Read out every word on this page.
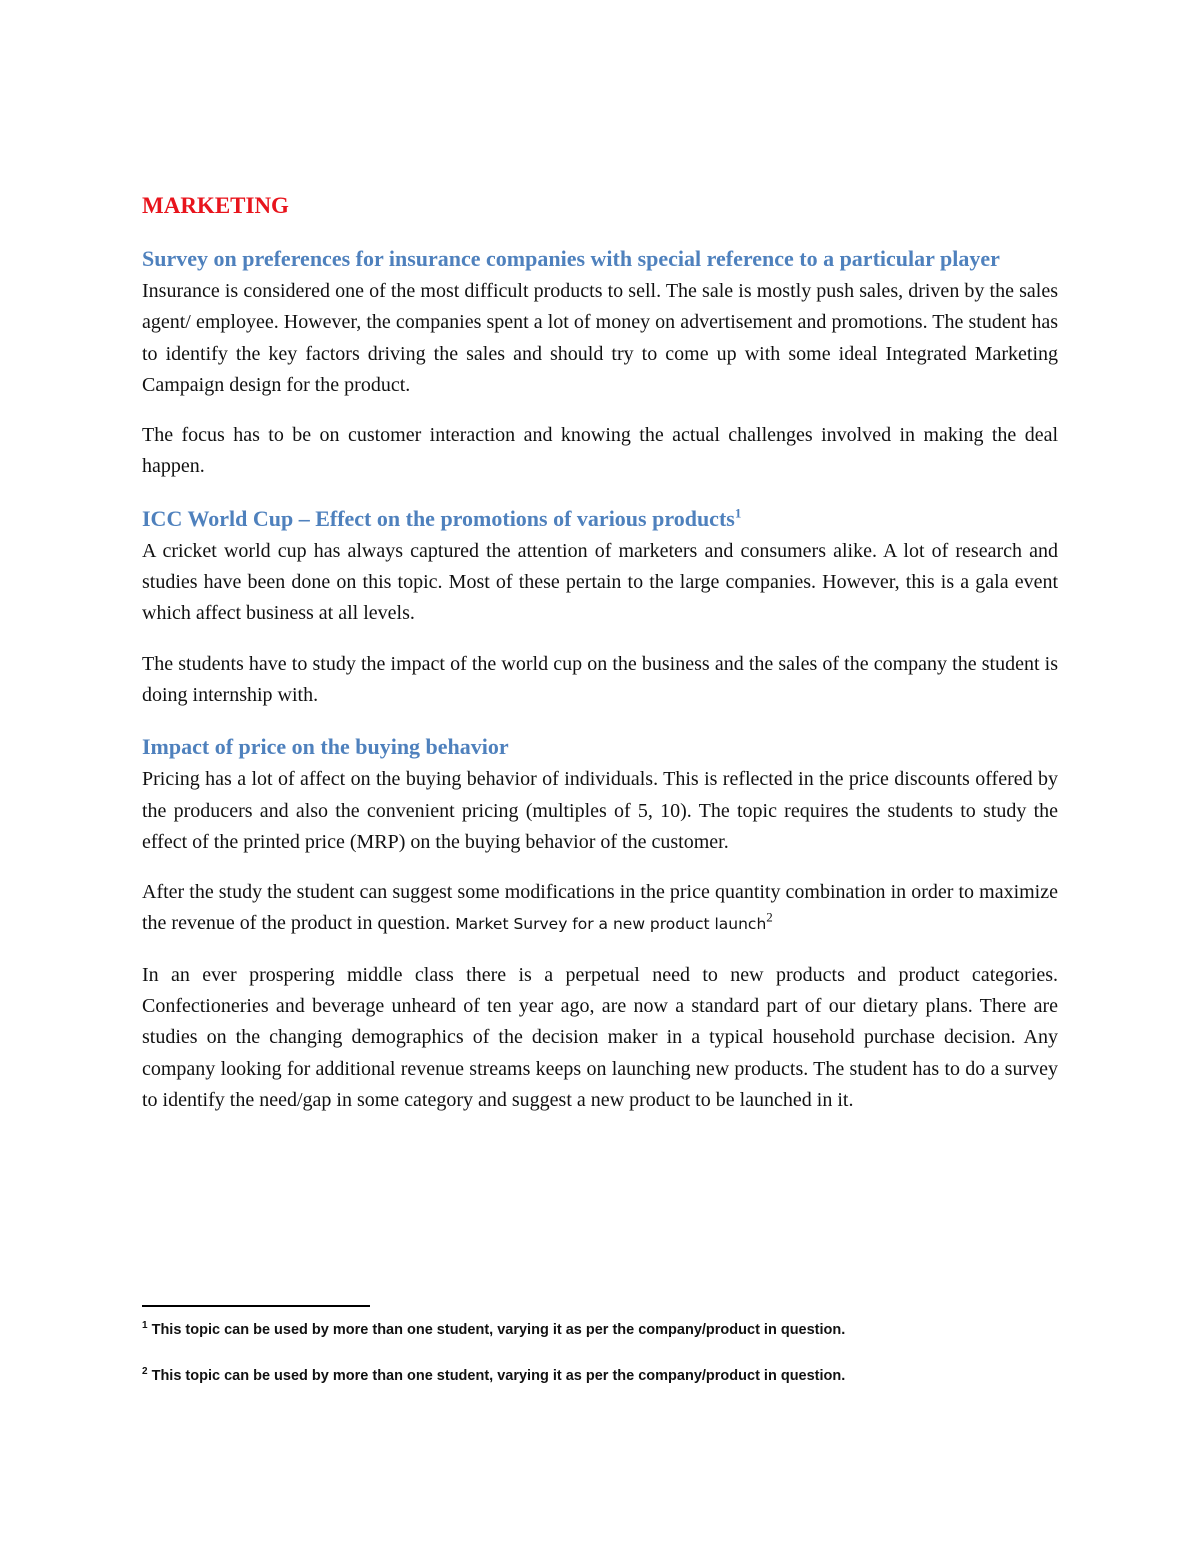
MARKETING
Survey on preferences for insurance companies with special reference to a particular player

Insurance is considered one of the most difficult products to sell. The sale is mostly push sales, driven by the sales agent/ employee. However, the companies spent a lot of money on advertisement and promotions. The student has to identify the key factors driving the sales and should try to come up with some ideal Integrated Marketing Campaign design for the product.

The focus has to be on customer interaction and knowing the actual challenges involved in making the deal happen.

ICC World Cup – Effect on the promotions of various products$^1$

A cricket world cup has always captured the attention of marketers and consumers alike. A lot of research and studies have been done on this topic. Most of these pertain to the large companies. However, this is a gala event which affect business at all levels.

The students have to study the impact of the world cup on the business and the sales of the company the student is doing internship with.

Impact of price on the buying behavior

Pricing has a lot of affect on the buying behavior of individuals. This is reflected in the price discounts offered by the producers and also the convenient pricing (multiples of 5, 10). The topic requires the students to study the effect of the printed price (MRP) on the buying behavior of the customer.

After the study the student can suggest some modifications in the price quantity combination in order to maximize the revenue of the product in question. Market Survey for a new product launch$^2$

In an ever prospering middle class there is a perpetual need to new products and product categories. Confectioneries and beverage unheard of ten year ago, are now a standard part of our dietary plans. There are studies on the changing demographics of the decision maker in a typical household purchase decision. Any company looking for additional revenue streams keeps on launching new products. The student has to do a survey to identify the need/gap in some category and suggest a new product to be launched in it.

$^1$ This topic can be used by more than one student, varying it as per the company/product in question.
$^2$ This topic can be used by more than one student, varying it as per the company/product in question.
